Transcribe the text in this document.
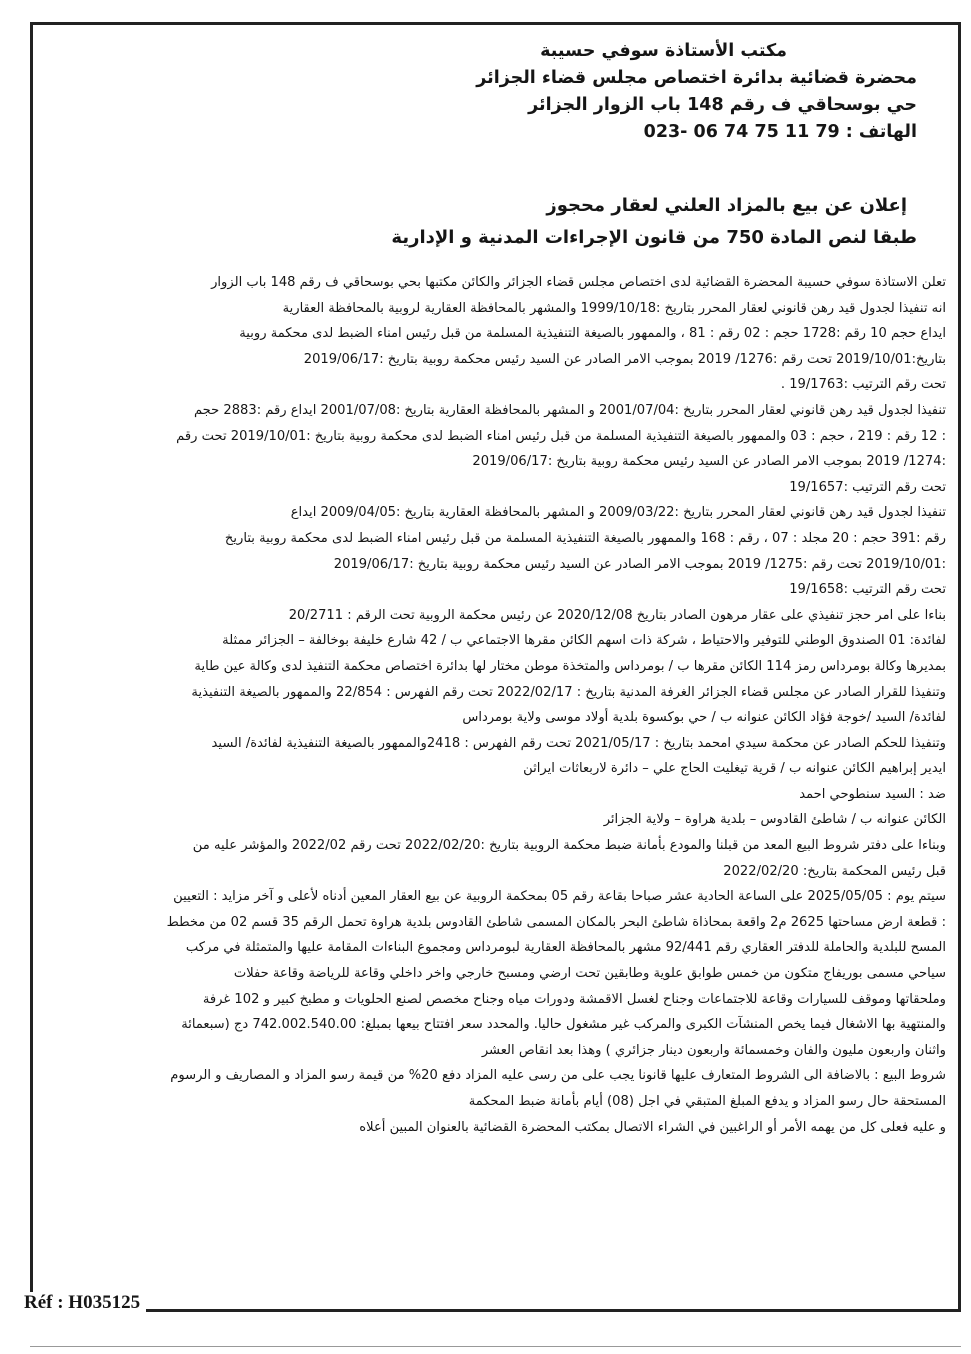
مكتب الأستاذة سوفي حسيبة
محضرة قضائية بدائرة اختصاص مجلس قضاء الجزائر
حي بوسحاقي ف رقم 148 باب الزوار الجزائر
الهاتف : 79 11 75 74 06 -023
إعلان عن بيع بالمزاد العلني لعقار محجوز
طبقا لنص المادة 750 من قانون الإجراءات المدنية و الإدارية

تعلن الاستاذة سوفي حسيبة المحضرة القضائية لدى اختصاص مجلس قضاء الجزائر والكائن مكتبها بحي بوسحاقي ف رقم 148 باب الزوار

انه تنفيذا لجدول قيد رهن قانوني لعقار المحرر بتاريخ :1999/10/18 والمشهر بالمحافظة العقارية لروبية بالمحافظة العقارية

ايداع حجم 10 رقم :1728 حجم : 02 رقم : 81 ، والممهور بالصيغة التنفيذية المسلمة من قبل رئيس امناء الضبط لدى محكمة روبية

بتاريخ:2019/10/01 تحت رقم :1276/ 2019 بموجب الامر الصادر عن السيد رئيس محكمة روبية بتاريخ :2019/06/17

تحت رقم الترتيب :19/1763 .

تنفيذا لجدول قيد رهن قانوني لعقار المحرر بتاريخ :2001/07/04 و المشهر بالمحافظة العقارية بتاريخ :2001/07/08 ايداع رقم :2883 حجم

: 12 رقم : 219 ، حجم : 03 والممهور بالصيغة التنفيذية المسلمة من قبل رئيس امناء الضبط لدى محكمة روبية بتاريخ :2019/10/01 تحت رقم

:1274/ 2019 بموجب الامر الصادر عن السيد رئيس محكمة روبية بتاريخ :2019/06/17

تحت رقم الترتيب :19/1657

تنفيذا لجدول قيد رهن قانوني لعقار المحرر بتاريخ :2009/03/22 و المشهر بالمحافظة العقارية بتاريخ :2009/04/05 ايداع

رقم :391 حجم : 20 مجلد : 07 ، رقم : 168 والممهور بالصيغة التنفيذية المسلمة من قبل رئيس امناء الضبط لدى محكمة روبية بتاريخ

:2019/10/01 تحت رقم :1275/ 2019 بموجب الامر الصادر عن السيد رئيس محكمة روبية بتاريخ :2019/06/17

تحت رقم الترتيب :19/1658

بناءا على امر حجز تنفيذي على عقار مرهون الصادر بتاريخ 2020/12/08 عن رئيس محكمة الروبية تحت الرقم : 20/2711

لفائدة: 01 الصندوق الوطني للتوفير والاحتياط ، شركة ذات اسهم الكائن مقرها الاجتماعي ب / 42 شارع خليفة بوخالفة – الجزائر ممثلة

بمديرها وكالة بومرداس رمز 114 الكائن مقرها ب / بومرداس والمتخذة موطن مختار لها بدائرة اختصاص محكمة التنفيذ لدى وكالة عين طاية

وتنفيذا للقرار الصادر عن مجلس قضاء الجزائر الغرفة المدنية بتاريخ : 2022/02/17 تحت رقم الفهرس : 22/854 والممهور بالصيغة التنفيذية

لفائدة/ السيد /خوجة فؤاد الكائن عنوانه ب / حي بوكسوة بلدية أولاد موسى ولاية بومرداس

وتنفيذا للحكم الصادر عن محكمة سيدي امحمد بتاريخ : 2021/05/17 تحت رقم الفهرس : 2418والممهور بالصيغة التنفيذية لفائدة/ السيد

ايدير إبراهيم الكائن عنوانه ب / قرية تيغليت الحاج علي – دائرة لاربعاثات ايراثن

ضد : السيد سنطوحي احمد

الكائن عنوانه ب / شاطئ القادوس – بلدية هراوة – ولاية الجزائر

وبناءا على دفتر شروط البيع المعد من قبلنا والمودع بأمانة ضبط محكمة الروبية بتاريخ :2022/02/20 تحت رقم 2022/02 والمؤشر عليه من

قبل رئيس المحكمة بتاريخ: 2022/02/20

سيتم يوم : 2025/05/05 على الساعة الحادية عشر صباحا بقاعة رقم 05 بمحكمة الروبية عن بيع العقار المعين أدناه لأعلى و آخر مزايد : التعيين

: قطعة ارض مساحتها 2625 م2 واقعة بمحاذاة شاطئ البحر بالمكان المسمى شاطئ القادوس بلدية هراوة تحمل الرقم 35 قسم 02 من مخطط

المسح للبلدية والحاملة للدفتر العقاري رقم 92/441 مشهر بالمحافظة العقارية لبومرداس ومجموع البناءات المقامة عليها والمتمثلة في مركب

سياحي مسمى بوريفاج متكون من خمس طوابق علوية وطابقين تحت ارضي ومسبح خارجي واخر داخلي وقاعة للرياضة وقاعة حفلات

وملحقاتها وموقف للسيارات وقاعة للاجتماعات وجناح لغسل الاقمشة ودورات مياه وجناح مخصص لصنع الحلويات و مطبخ كبير و 102 غرفة

والمنتهية بها الاشغال فيما يخص المنشآت الكبرى والمركب غير مشغول حاليا. والمحدد سعر افتتاح بيعها بمبلغ: 742.002.540.00 دج (سبعمائة

واثنان واربعون مليون والفان وخمسمائة واربعون دينار جزائري ) وهذا بعد انقاص العشر

شروط البيع : بالاضافة الى الشروط المتعارف عليها قانونا يجب على من رسى عليه المزاد دفع 20% من قيمة رسو المزاد و المصاريف و الرسوم

المستحقة حال رسو المزاد و يدفع المبلغ المتبقي في اجل (08) أيام بأمانة ضبط المحكمة

و عليه فعلى كل من يهمه الأمر أو الراغبين في الشراء الاتصال بمكتب المحضرة القضائية بالعنوان المبين أعلاه

Réf : H035125
